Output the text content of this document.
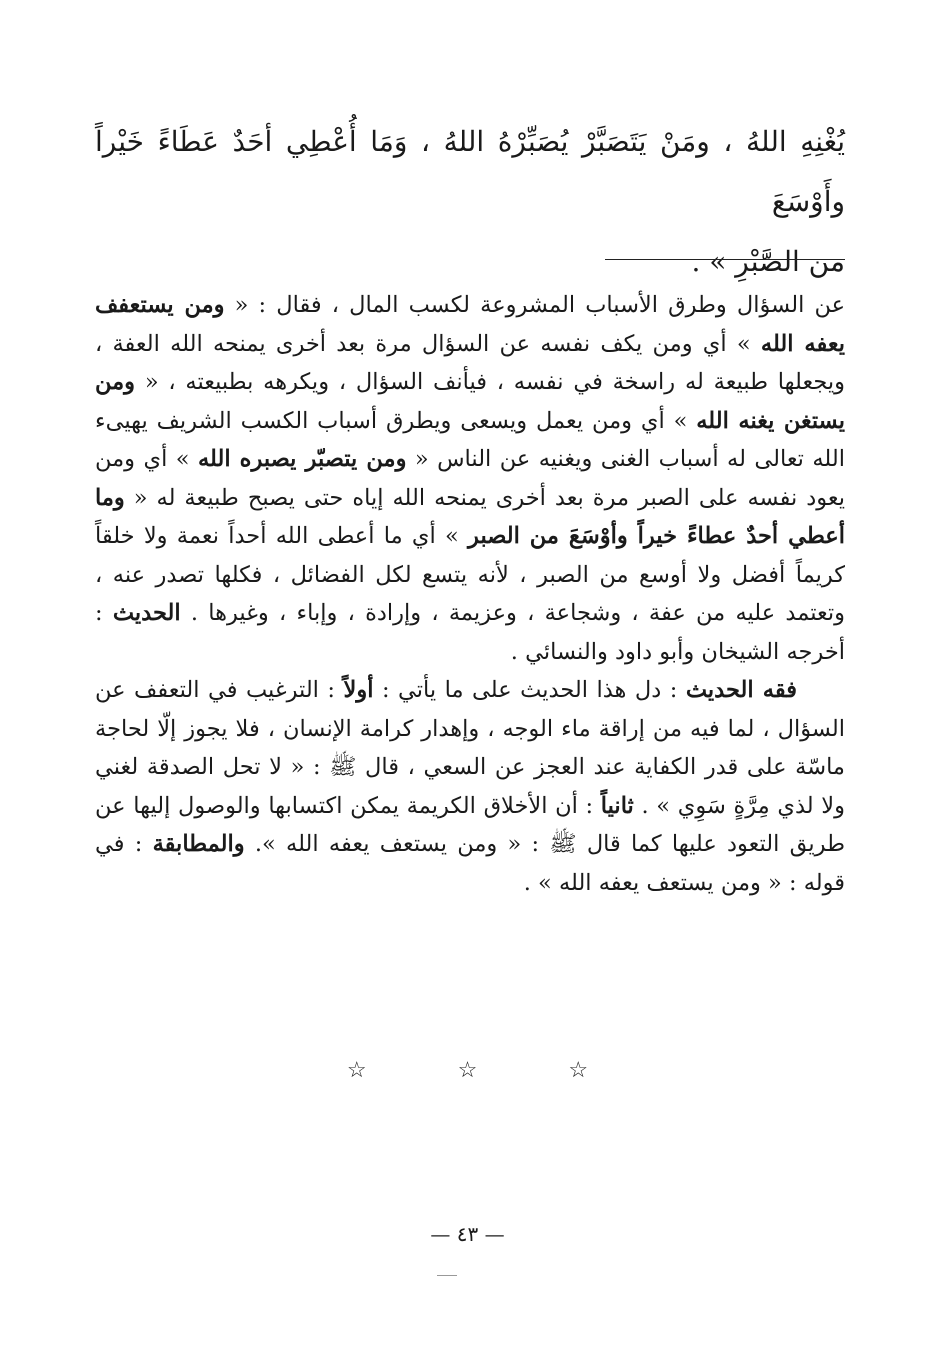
يُغْنِهِ اللهُ ، ومَنْ يَتَصَبَّرْ يُصَبِّرْهُ اللهُ ، وَمَا أُعْطِي أحَدٌ عَطَاءً خَيْراً وأَوْسَعَ

من الصَّبْرِ » .

عن السؤال وطرق الأسباب المشروعة لكسب المال ، فقال : « ومن يستعفف يعفه الله » أي ومن يكف نفسه عن السؤال مرة بعد أخرى يمنحه الله العفة ، ويجعلها طبيعة له راسخة في نفسه ، فيأنف السؤال ، ويكرهه بطبيعته ، « ومن يستغن يغنه الله » أي ومن يعمل ويسعى ويطرق أسباب الكسب الشريف يهيىء الله تعالى له أسباب الغنى ويغنيه عن الناس « ومن يتصبّر يصبره الله » أي ومن يعود نفسه على الصبر مرة بعد أخرى يمنحه الله إياه حتى يصبح طبيعة له « وما أعطي أحدٌ عطاءً خيراً وأوْسَعَ من الصبر » أي ما أعطى الله أحداً نعمة ولا خلقاً كريماً أفضل ولا أوسع من الصبر ، لأنه يتسع لكل الفضائل ، فكلها تصدر عنه ، وتعتمد عليه من عفة ، وشجاعة ، وعزيمة ، وإرادة ، وإباء ، وغيرها . الحديث : أخرجه الشيخان وأبو داود والنسائي .

فقه الحديث : دل هذا الحديث على ما يأتي : أولاً : الترغيب في التعفف عن السؤال ، لما فيه من إراقة ماء الوجه ، وإهدار كرامة الإنسان ، فلا يجوز إلّا لحاجة ماسّة على قدر الكفاية عند العجز عن السعي ، قال ﷺ : « لا تحل الصدقة لغني ولا لذي مِرَّةٍ سَوِي » . ثانياً : أن الأخلاق الكريمة يمكن اكتسابها والوصول إليها عن طريق التعود عليها كما قال ﷺ : « ومن يستعف يعفه الله ». والمطابقة : في قوله : « ومن يستعف يعفه الله » .

☆ ☆ ☆
— ٤٣ —
